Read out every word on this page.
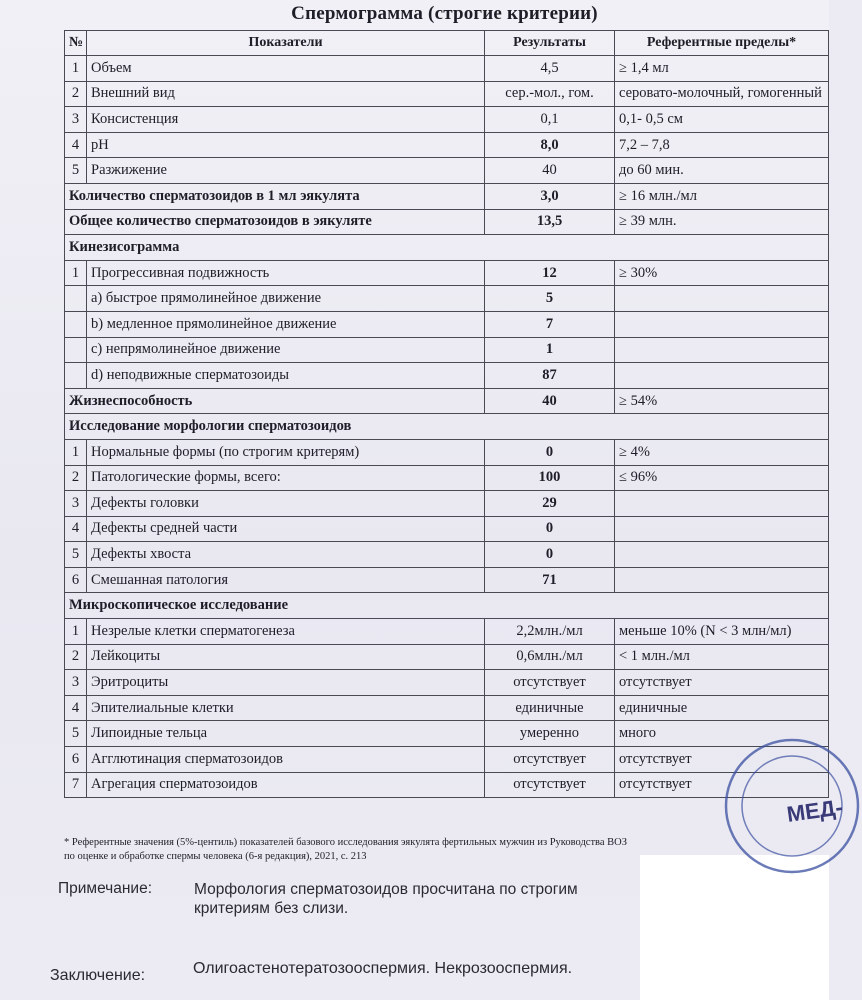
Спермограмма (строгие критерии)
№	Показатели	Результаты	Референтные пределы*
1	Объем	4,5	≥ 1,4 мл
2	Внешний вид	сер.-мол., гом.	серовато-молочный, гомогенный
3	Консистенция	0,1	0,1- 0,5 см
4	pH	8,0	7,2 – 7,8
5	Разжижение	40	до 60 мин.
Количество сперматозоидов в 1 мл эякулята		3,0	≥ 16 млн./мл
Общее количество сперматозоидов в эякуляте		13,5	≥ 39 млн.
Кинезисограмма			
1	Прогрессивная подвижность	12	≥ 30%
	a) быстрое прямолинейное движение	5	
	b) медленное прямолинейное движение	7	
	c) непрямолинейное движение	1	
	d) неподвижные сперматозоиды	87	
Жизнеспособность		40	≥ 54%
Исследование морфологии сперматозоидов			
1	Нормальные формы (по строгим критерям)	0	≥ 4%
2	Патологические формы, всего:	100	≤ 96%
3	Дефекты головки	29	
4	Дефекты средней части	0	
5	Дефекты хвоста	0	
6	Смешанная патология	71	
Микроскопическое исследование			
1	Незрелые клетки сперматогенеза	2,2млн./мл	меньше 10% (N < 3 млн/мл)
2	Лейкоциты	0,6млн./мл	< 1 млн./мл
3	Эритроциты	отсутствует	отсутствует
4	Эпителиальные клетки	единичные	единичные
5	Липоидные тельца	умеренно	много
6	Агглютинация сперматозоидов	отсутствует	отсутствует
7	Агрегация сперматозоидов	отсутствует	отсутствует
* Референтные значения (5%-центиль) показателей базового исследования эякулята фертильных мужчин из Руководства ВОЗ
по оценке и обработке спермы человека (6-я редакция), 2021, с. 213
Примечание:	Морфология сперматозоидов просчитана по строгим критериям без слизи.
Заключение:	Олигоастенотератозооспермия. Некрозооспермия.
МЕД-
